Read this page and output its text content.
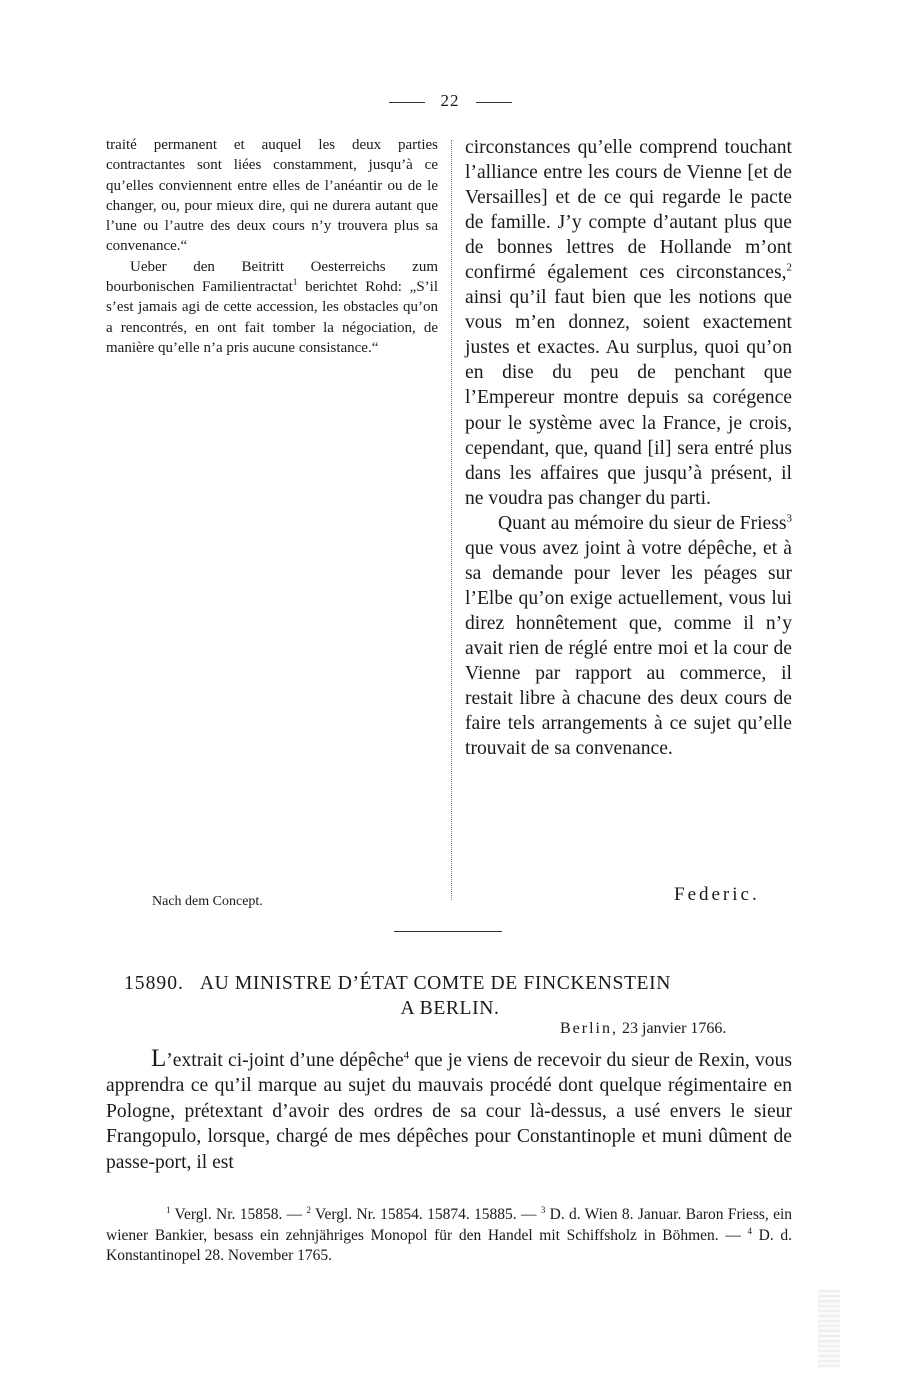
22

traité permanent et auquel les deux parties contractantes sont liées constamment, jusqu’à ce qu’elles conviennent entre elles de l’anéantir ou de le changer, ou, pour mieux dire, qui ne durera autant que l’une ou l’autre des deux cours n’y trouvera plus sa convenance.“

Ueber den Beitritt Oesterreichs zum bourbonischen Familientractat$^1$ berichtet Rohd: „S’il s’est jamais agi de cette accession, les obstacles qu’on a rencontrés, en ont fait tomber la négociation, de manière qu’elle n’a pris aucune consistance.“

Nach dem Concept.

circonstances qu’elle comprend touchant l’alliance entre les cours de Vienne [et de Versailles] et de ce qui regarde le pacte de famille. J’y compte d’autant plus que de bonnes lettres de Hollande m’ont confirmé également ces circonstances,$^2$ ainsi qu’il faut bien que les notions que vous m’en donnez, soient exactement justes et exactes. Au surplus, quoi qu’on en dise du peu de penchant que l’Empereur montre depuis sa corégence pour le système avec la France, je crois, cependant, que, quand [il] sera entré plus dans les affaires que jusqu’à présent, il ne voudra pas changer du parti.

Quant au mémoire du sieur de Friess$^3$ que vous avez joint à votre dépêche, et à sa demande pour lever les péages sur l’Elbe qu’on exige actuellement, vous lui direz honnêtement que, comme il n’y avait rien de réglé entre moi et la cour de Vienne par rapport au commerce, il restait libre à chacune des deux cours de faire tels arrangements à ce sujet qu’elle trouvait de sa convenance.

Federic.
15890. AU MINISTRE D’ÉTAT COMTE DE FINCKENSTEIN
A BERLIN.
Berlin, 23 janvier 1766.
L’extrait ci-joint d’une dépêche$^4$ que je viens de recevoir du sieur de Rexin, vous apprendra ce qu’il marque au sujet du mauvais procédé dont quelque régimentaire en Pologne, prétextant d’avoir des ordres de sa cour là-dessus, a usé envers le sieur Frangopulo, lorsque, chargé de mes dépêches pour Constantinople et muni dûment de passe-port, il est

$^1$ Vergl. Nr. 15858. — $^2$ Vergl. Nr. 15854. 15874. 15885. — $^3$ D. d. Wien 8. Januar. Baron Friess, ein wiener Bankier, besass ein zehnjähriges Monopol für den Handel mit Schiffsholz in Böhmen. — $^4$ D. d. Konstantinopel 28. November 1765.
